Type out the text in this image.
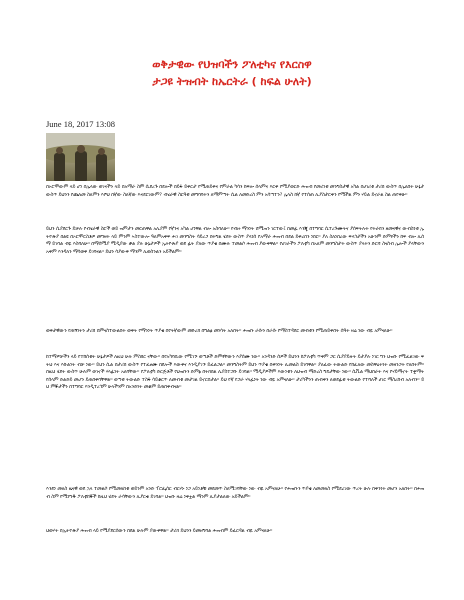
ወቅታዊው የህዝባችን ፖለቲካና የእርስዋ
ታጋዩ ትዝብት ከኤርትራ ( ከፍል ሁለት)
June 18, 2017 13:08
በኦሮሞውም ላይ ሆነ በሌላው ወገናችን ላይ በአማራ ስም ሲደረጉ በደሎች በይፋ ይቅርታ የሚጠይቅና የምራል ካሳን ከፍሎ ሰላምና እርቅ የሚያወርድ ሕዝብ የመሪነቱ መንግስታዊ አካል በሀገሪቱ ታሪክ ውስጥ በሌለበት ሁኔታ ውስጥ ይህንን የጨለመ ስለምን እሾህ በኛው ስለኛው እናደርገውም? ብሄራዊ ስርዓቱ መግባባትን ለማምጣት ሲል ለመድረስ ምን አሳጣተን? ሌላስ ከኛ የተሰጠ ሊያስታርቀን የሚችል ምን ሃይል ይኖራል ስል ጠየቅሁ።
ይህን ሲያደርጉ ይቻሉ የብሄራዊ ስሮች ወይ ዝምታን መርጠዋል አሊያም የኛንና አካል ሆነዋል ብሎ አስባለሁ። የብዙ ማንነት ሸሚዝን ገርተው፤ በመፊ እንጂ በተግባር ሲተረጉሙትና ያሰፍትሉት የትራክን ዘመናዊና ውብስነቱ ኢትዮጵያ በልዩ በኦሮሞርስቶዎ መግዛት ላይ ምንም ኣስተውሎ ዓለምአቀፍ ሕገ መንግስት ሳይረጋ በትግል ሂደት ውስጥ ያላነሰ የአማራ ሕዝብ በደል ይቀረበን ነበር። ያለ ስለነበረው ፍላጎታችን አሁንም ድምፃችን ከፍ ብሎ ሊሰማ ይገባል ብዬ እስባለሁ። በማሰሚያ ሚዲያው ቃል ያሉ ሁኔታዎች ኢትዮጵያ ወደ ፊት ያለው ጥያቄ በሙሉ ተመልሶ ሕዝብ ያውቀዋል። የሀገራችን ፖለቲካ በአለም መንግስታት ውስጥ ያላትን ድርሻ ስናስብ ሌሎች ያላቸውን አቅም እንዳለን ማሳወቅ ይገባናል። ይህን ሳያውቅ ማንም ሊወስንልን አይችልም።
ወቅታዊውን የጠኝነትን ታሪክ በምናስተውልበት ወቅት የማንነት ጥያቄ በየትኛውም መድረክ በግልፅ መነሳት አለበት። ሕዝቡ ራሱን በራሱ የማስተዳደር መብቱን የሚጠይቅበት ሰዓት ዛሬ ነው ብዬ አምናለሁ።
ከተማዎቻችን ላይ የተከሰቱት ሁኔታዎች ለዚህ ሁሉ ምስክር ናቸው። በየአካባቢው የሚገኙ ወጣቶች ድምፃቸውን እያሰሙ ነው። አንዳንድ ሰዎች ይህንን ከፖለቲካ ጥቅም ጋር ሲያያይዙት ይታያሉ ነገር ግን ህዝቡ የሚፈልገው ፍትህ እና እኩልነት ብቻ ነው። ይህን ሲል በታሪክ ውስጥ የተፈፀሙ በደሎች እውቅና እንዲያገኙ ይፈልጋል። መንግስትም ይህን ጥያቄ በቅንነት ሊመልስ ይገባዋል። ያለፈው ትውልድ የከፈለው መስዋዕትነት መዘንጋት የለበትም። በዚህ ሂደት ውስጥ ሁሉም ወገኖች ሃላፊነት አለባቸው። የፖለቲካ ድርጅቶች የህዝቡን ድምፅ በትክክል ሊያስተጋቡ ይገባል። ሚዲያዎችም እውነቱን ለህዝብ ማድረስ ግዴታቸው ነው። ሲቪል ማህበራት እና የሃይማኖት ተቋማት የሰላም ድልድይ መሆን ይጠበቅባቸዋል። ወጣቱ ትውልድ ተስፋ ሳይቆርጥ ለመብቱ መታገል ይኖርበታል። ይህ የኛ የጋራ ሃላፊነት ነው ብዬ አምናለሁ። ታሪካችንን ጠብቀን ለወደፊቱ ትውልድ የተሻለች ሀገር ማስረከብ አለብን። ይህ ምኞታችን በተግባር እንዲተረጎም ሁላችንም በአንድነት መቆም ይጠበቅብናል።
እንደነ መለስ ዜናዊ ወደ ኋላ ተመልሶ የሚመለከቱ ወይንም አንድ ፕሮፌሰር ብርሃኑ ነጋ አይነቶቹ መደመጥ ስለሚገባቸው ነው ብዬ አምናለሁ። የሕዝቡን ጥያቄ ለመመለስ የሚደረገው ጥረት ሁሉ በቅንነት መሆን አለበት። በሕዝብ ስም የሚነግዱ ፖለቲከኞች ከዚህ ሂደት ራሳቸውን ሊያርቁ ይገባል። ህዝቡ ዛሬ ነቅቷል ማንም ሊያታልለው አይችልም።
ህወሃት በኢትዮጵያ ሕዝብ ላይ የሚያደርሰውን በደል ሁሉም ያውቀዋል። ታሪክ ይህንን ይመዘግባል ሕዝብም ይፈርዳል ብዬ አምናለሁ።
